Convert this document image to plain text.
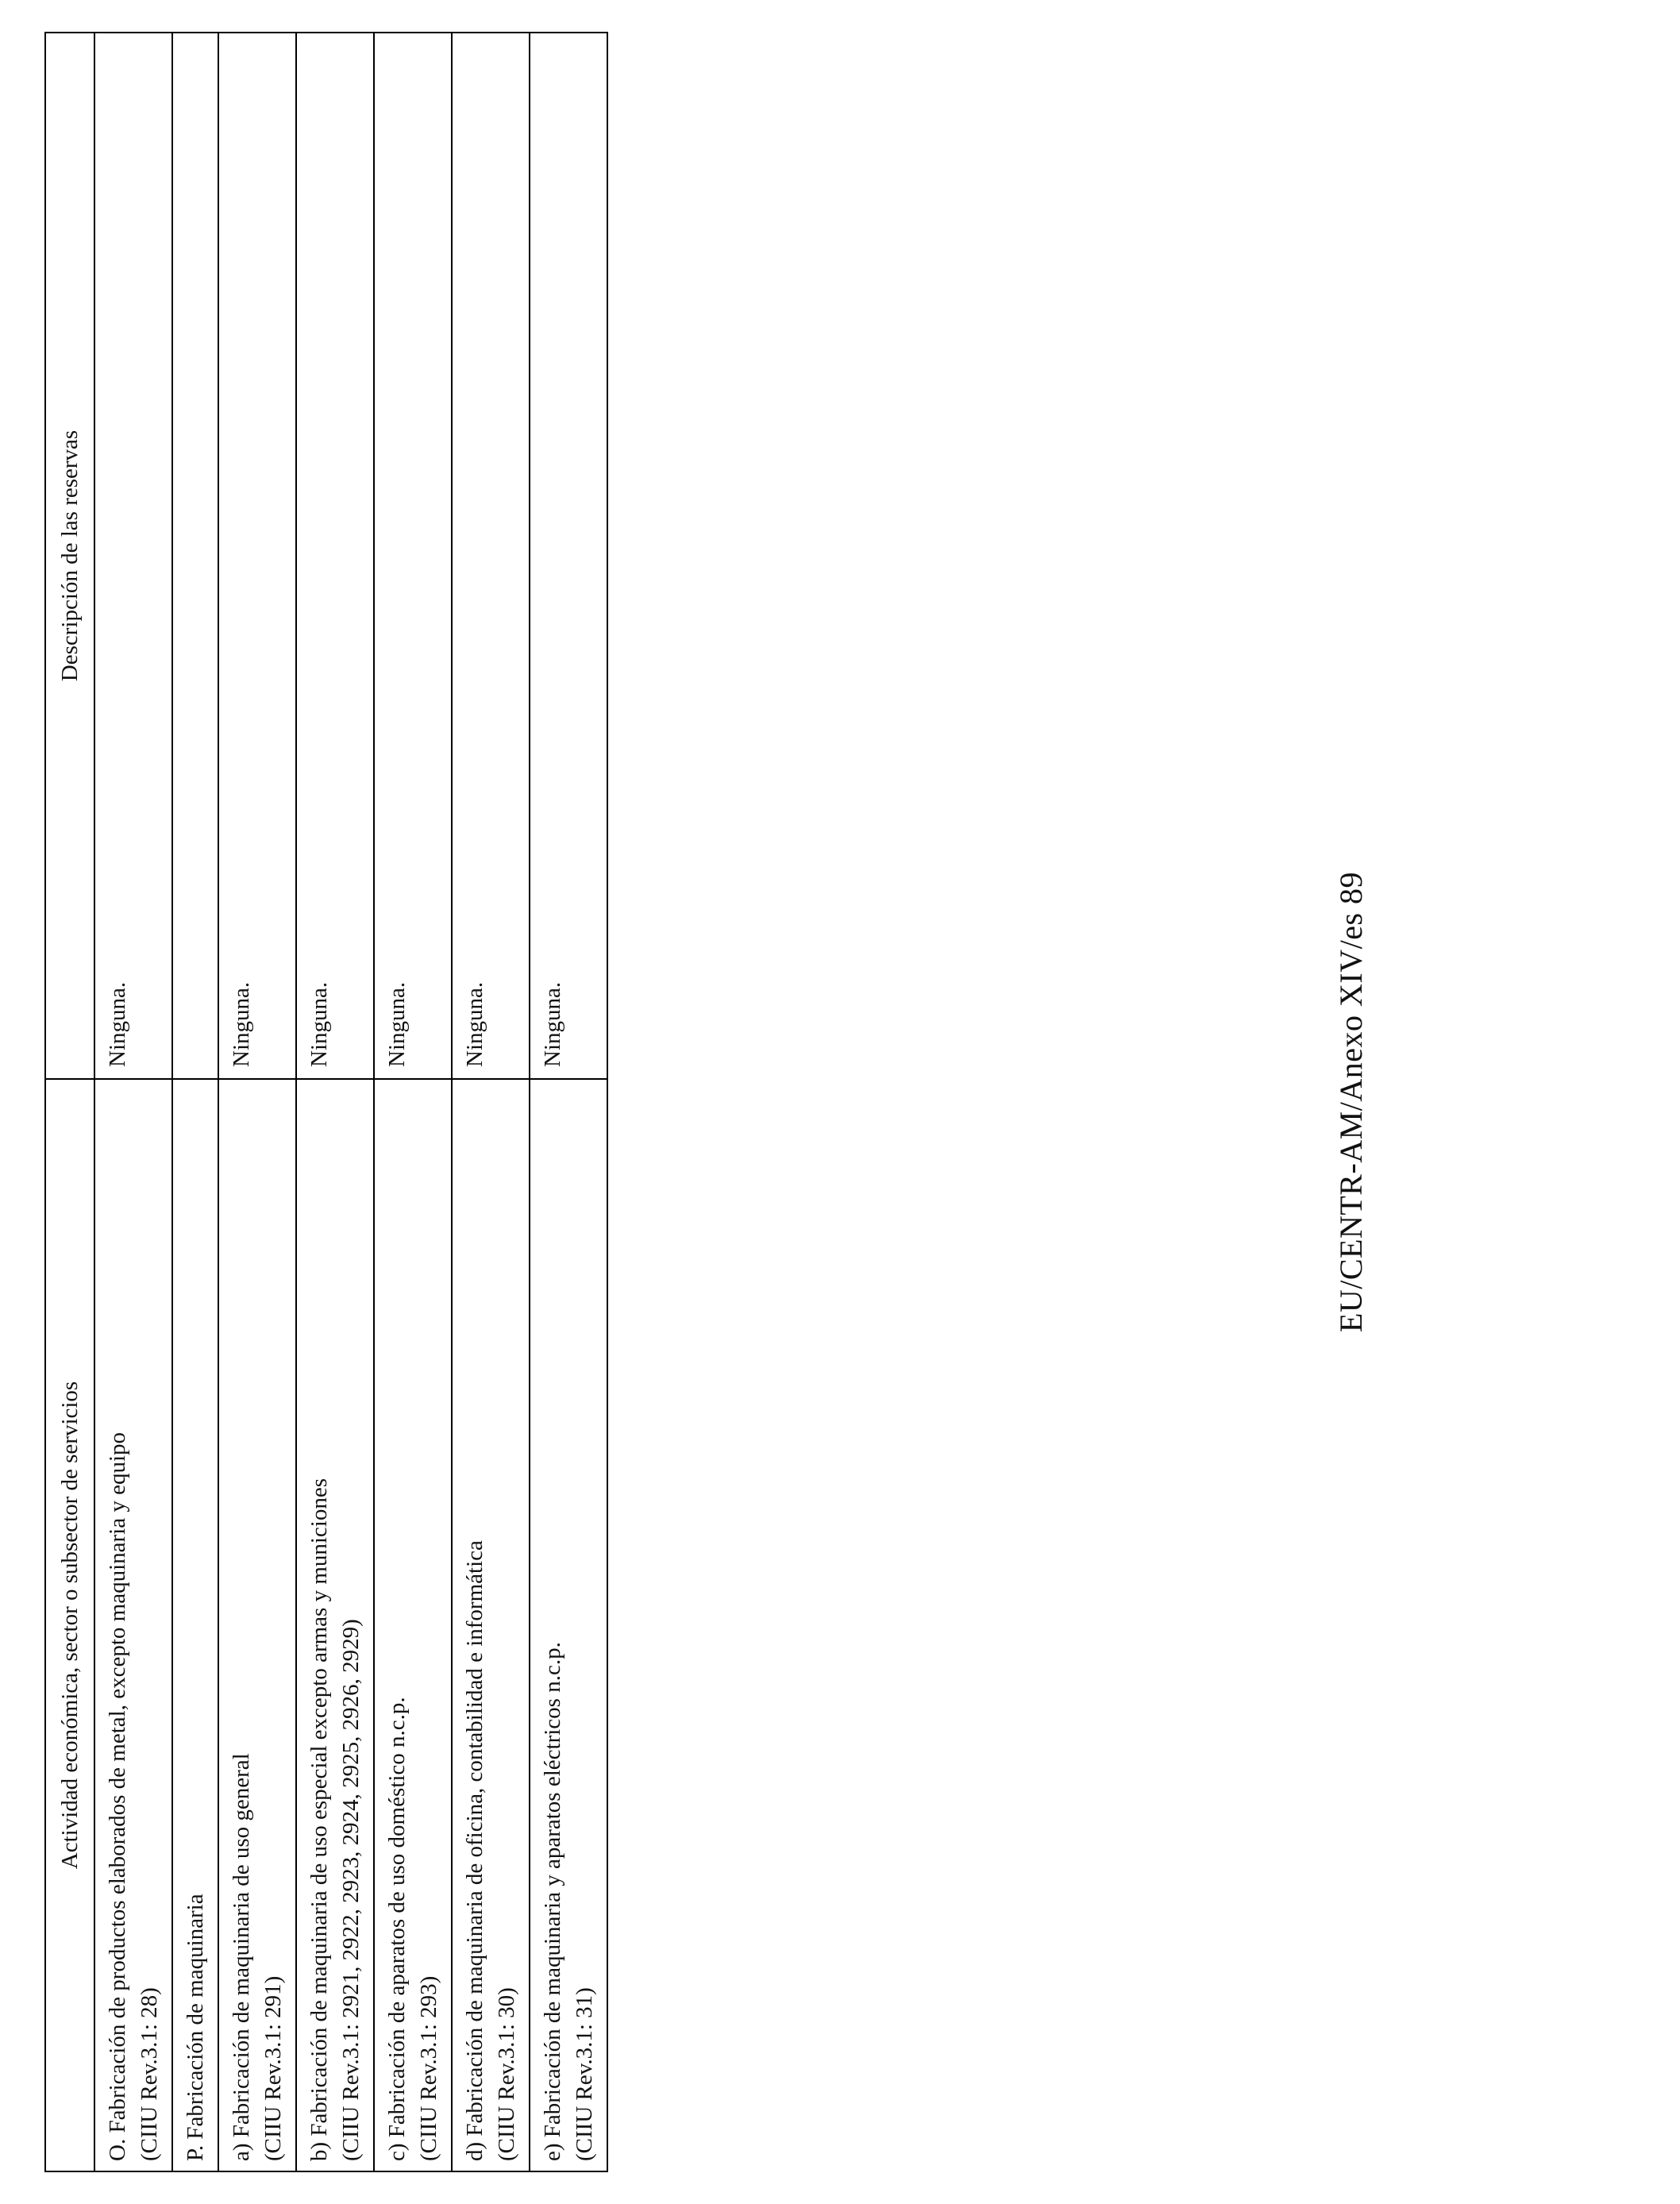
Actividad económica, sector o subsector de servicios	Descripción de las reservas

O. Fabricación de productos elaborados de metal, excepto maquinaria y equipo (CIIU Rev.3.1: 28)	Ninguna.

P. Fabricación de maquinaria	

a) Fabricación de maquinaria de uso general (CIIU Rev.3.1: 291)	Ninguna.

b) Fabricación de maquinaria de uso especial excepto armas y municiones (CIIU Rev.3.1: 2921, 2922, 2923, 2924, 2925, 2926, 2929)	Ninguna.

c) Fabricación de aparatos de uso doméstico n.c.p. (CIIU Rev.3.1: 293)	Ninguna.

d) Fabricación de maquinaria de oficina, contabilidad e informática (CIIU Rev.3.1: 30)	Ninguna.

e) Fabricación de maquinaria y aparatos eléctricos n.c.p. (CIIU Rev.3.1: 31)	Ninguna.	EU/CENTR-AM/Anexo XIV/es 89
